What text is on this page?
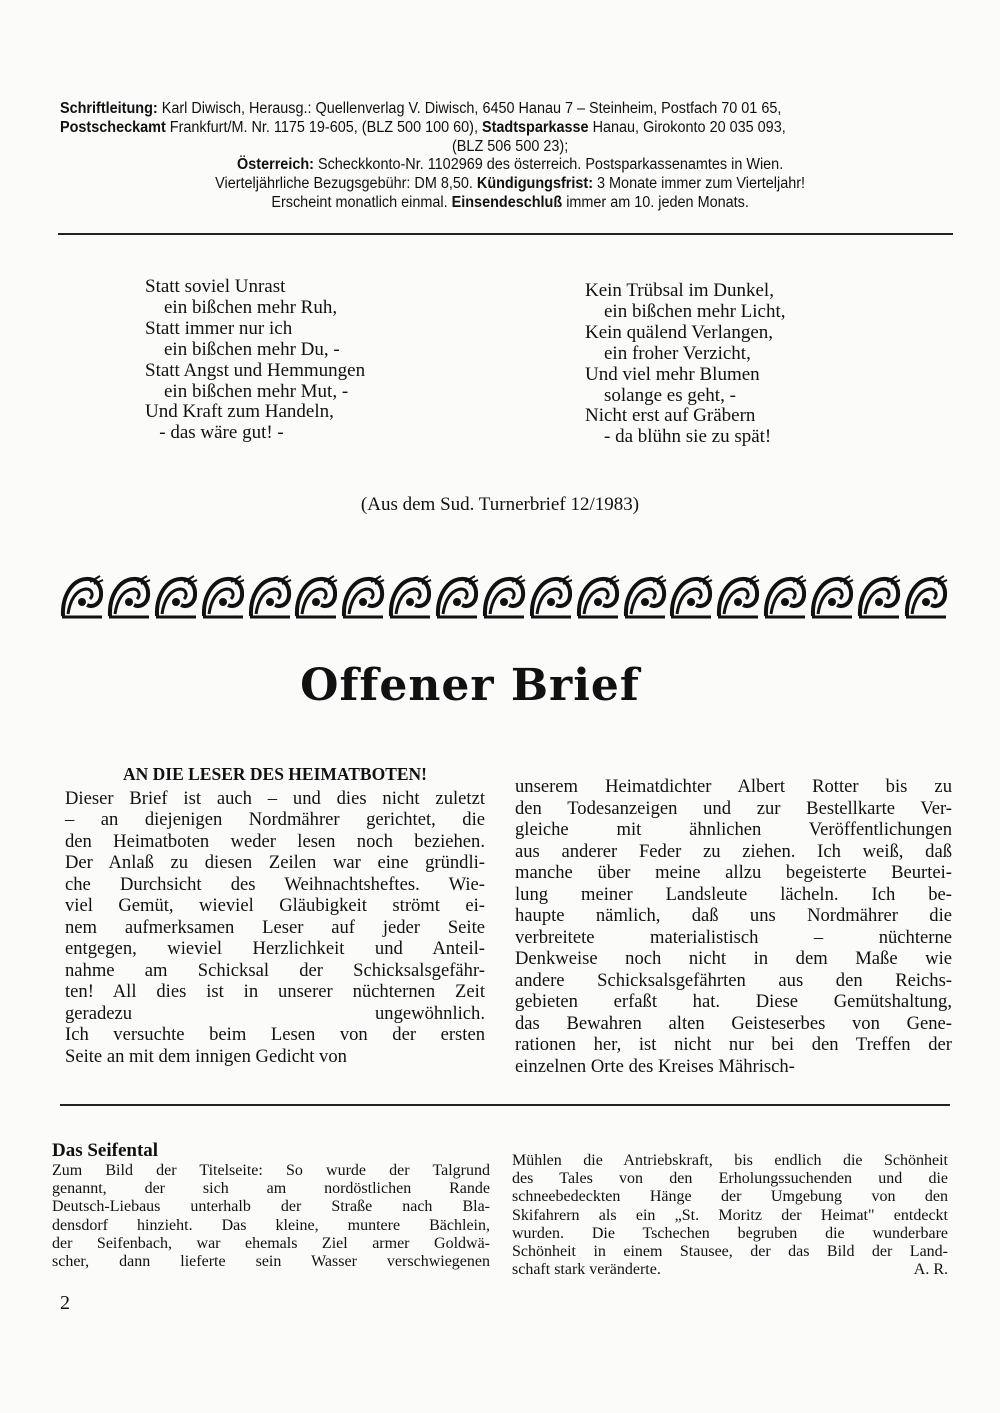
Schriftleitung: Karl Diwisch, Herausg.: Quellenverlag V. Diwisch, 6450 Hanau 7 – Steinheim, Postfach 70 01 65,
Postscheckamt Frankfurt/M. Nr. 1175 19-605, (BLZ 500 100 60), Stadtsparkasse Hanau, Girokonto 20 035 093,
(BLZ 506 500 23);
Österreich: Scheckkonto-Nr. 1102969 des österreich. Postsparkassenamtes in Wien.
Vierteljährliche Bezugsgebühr: DM 8,50. Kündigungsfrist: 3 Monate immer zum Vierteljahr!
Erscheint monatlich einmal. Einsendeschluß immer am 10. jeden Monats.
Statt soviel Unrast
ein bißchen mehr Ruh,
Statt immer nur ich
ein bißchen mehr Du, -
Statt Angst und Hemmungen
ein bißchen mehr Mut, -
Und Kraft zum Handeln,
- das wäre gut! -
Kein Trübsal im Dunkel,
ein bißchen mehr Licht,
Kein quälend Verlangen,
ein froher Verzicht,
Und viel mehr Blumen
solange es geht, -
Nicht erst auf Gräbern
- da blühn sie zu spät!
(Aus dem Sud. Turnerbrief 12/1983)
Offener Brief
AN DIE LESER DES HEIMATBOTEN!
Dieser Brief ist auch – und dies nicht zuletzt
– an diejenigen Nordmährer gerichtet, die
den Heimatboten weder lesen noch beziehen.
Der Anlaß zu diesen Zeilen war eine gründli-
che Durchsicht des Weihnachtsheftes. Wie-
viel Gemüt, wieviel Gläubigkeit strömt ei-
nem aufmerksamen Leser auf jeder Seite
entgegen, wieviel Herzlichkeit und Anteil-
nahme am Schicksal der Schicksalsgefähr-
ten! All dies ist in unserer nüchternen Zeit
geradezu ungewöhnlich.
Ich versuchte beim Lesen von der ersten
Seite an mit dem innigen Gedicht von
unserem Heimatdichter Albert Rotter bis zu
den Todesanzeigen und zur Bestellkarte Ver-
gleiche mit ähnlichen Veröffentlichungen
aus anderer Feder zu ziehen. Ich weiß, daß
manche über meine allzu begeisterte Beurtei-
lung meiner Landsleute lächeln. Ich be-
haupte nämlich, daß uns Nordmährer die
verbreitete materialistisch – nüchterne
Denkweise noch nicht in dem Maße wie
andere Schicksalsgefährten aus den Reichs-
gebieten erfaßt hat. Diese Gemütshaltung,
das Bewahren alten Geisteserbes von Gene-
rationen her, ist nicht nur bei den Treffen der
einzelnen Orte des Kreises Mährisch-
Das Seifental
Zum Bild der Titelseite: So wurde der Talgrund
genannt, der sich am nordöstlichen Rande
Deutsch-Liebaus unterhalb der Straße nach Bla-
densdorf hinzieht. Das kleine, muntere Bächlein,
der Seifenbach, war ehemals Ziel armer Goldwä-
scher, dann lieferte sein Wasser verschwiegenen
Mühlen die Antriebskraft, bis endlich die Schönheit
des Tales von den Erholungssuchenden und die
schneebedeckten Hänge der Umgebung von den
Skifahrern als ein „St. Moritz der Heimat" entdeckt
wurden. Die Tschechen begruben die wunderbare
Schönheit in einem Stausee, der das Bild der Land-
schaft stark veränderte.	A. R.
2
